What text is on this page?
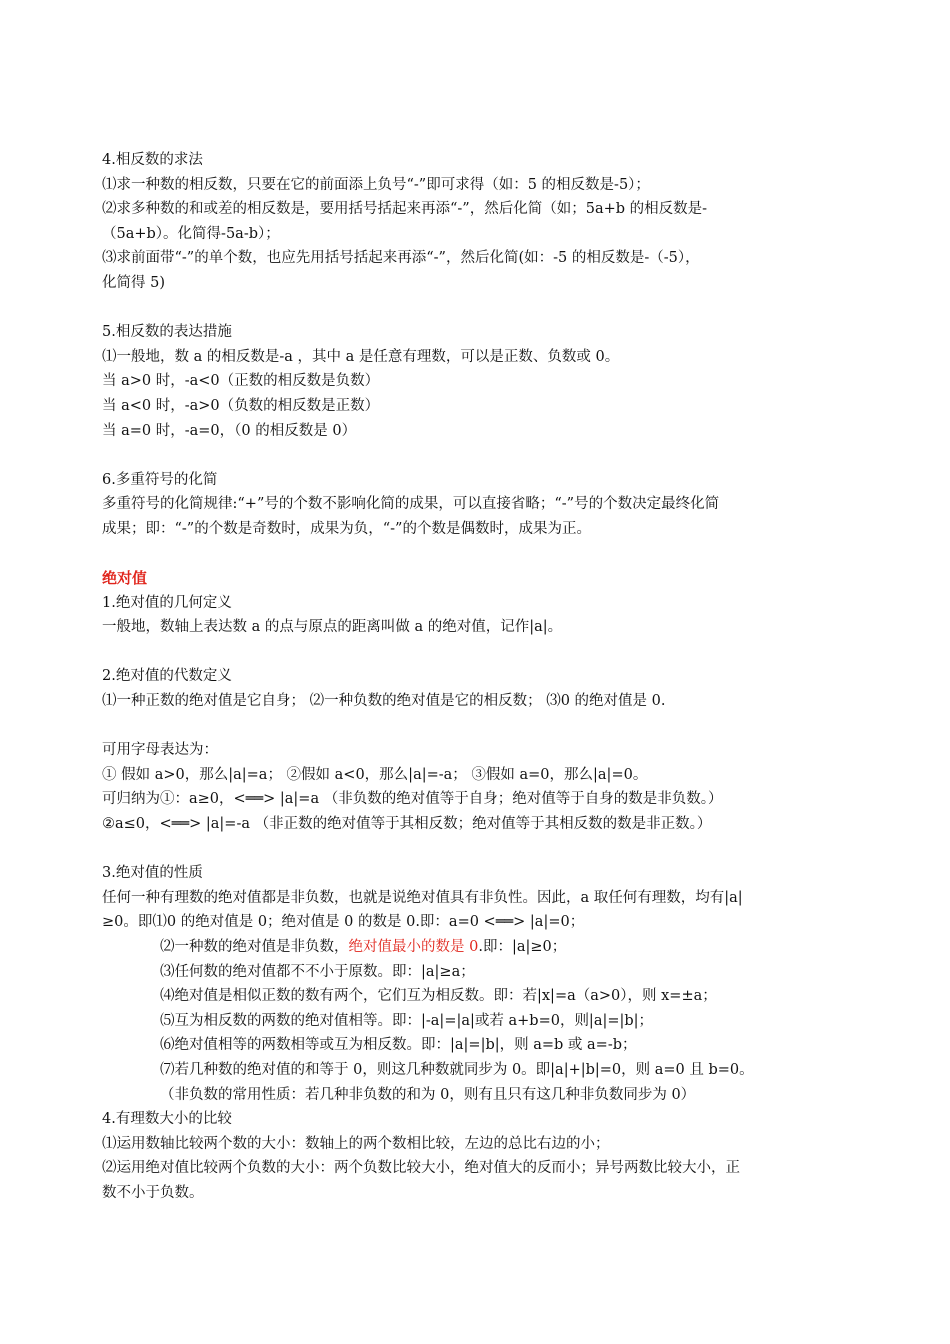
4.相反数的求法
⑴求一种数的相反数，只要在它的前面添上负号“-”即可求得（如：5 的相反数是-5）；
⑵求多种数的和或差的相反数是，要用括号括起来再添“-”，然后化简（如；5a+b 的相反数是-
（5a+b）。化简得-5a-b）；
⑶求前面带“-”的单个数，也应先用括号括起来再添“-”，然后化简(如：-5 的相反数是-（-5），
化简得 5)
5.相反数的表达措施
⑴一般地，数 a 的相反数是-a ，其中 a 是任意有理数，可以是正数、负数或 0。
当 a>0 时，-a<0（正数的相反数是负数）
当 a<0 时，-a>0（负数的相反数是正数）
当 a=0 时，-a=0，（0 的相反数是 0）
6.多重符号的化简
多重符号的化简规律:“+”号的个数不影响化简的成果，可以直接省略；“-”号的个数决定最终化简
成果；即：“-”的个数是奇数时，成果为负，“-”的个数是偶数时，成果为正。
绝对值
1.绝对值的几何定义
一般地，数轴上表达数 a 的点与原点的距离叫做 a 的绝对值，记作|a|。
2.绝对值的代数定义
⑴一种正数的绝对值是它自身； ⑵一种负数的绝对值是它的相反数； ⑶0 的绝对值是 0.
可用字母表达为：
① 假如 a>0，那么|a|=a； ②假如 a<0，那么|a|=-a； ③假如 a=0，那么|a|=0。
可归纳为①：a≥0，<══> |a|=a （非负数的绝对值等于自身；绝对值等于自身的数是非负数。）
②a≤0，<══> |a|=-a （非正数的绝对值等于其相反数；绝对值等于其相反数的数是非正数。）
3.绝对值的性质
任何一种有理数的绝对值都是非负数，也就是说绝对值具有非负性。因此，a 取任何有理数，均有|a|
≥0。即⑴0 的绝对值是 0；绝对值是 0 的数是 0.即：a=0 <══> |a|=0；
⑵一种数的绝对值是非负数，绝对值最小的数是 0.即：|a|≥0；
⑶任何数的绝对值都不不小于原数。即：|a|≥a；
⑷绝对值是相似正数的数有两个，它们互为相反数。即：若|x|=a（a>0），则 x=±a；
⑸互为相反数的两数的绝对值相等。即：|-a|=|a|或若 a+b=0，则|a|=|b|；
⑹绝对值相等的两数相等或互为相反数。即：|a|=|b|，则 a=b 或 a=-b；
⑺若几种数的绝对值的和等于 0，则这几种数就同步为 0。即|a|+|b|=0，则 a=0 且 b=0。
（非负数的常用性质：若几种非负数的和为 0，则有且只有这几种非负数同步为 0）
4.有理数大小的比较
⑴运用数轴比较两个数的大小：数轴上的两个数相比较，左边的总比右边的小；
⑵运用绝对值比较两个负数的大小：两个负数比较大小，绝对值大的反而小；异号两数比较大小，正
数不小于负数。
